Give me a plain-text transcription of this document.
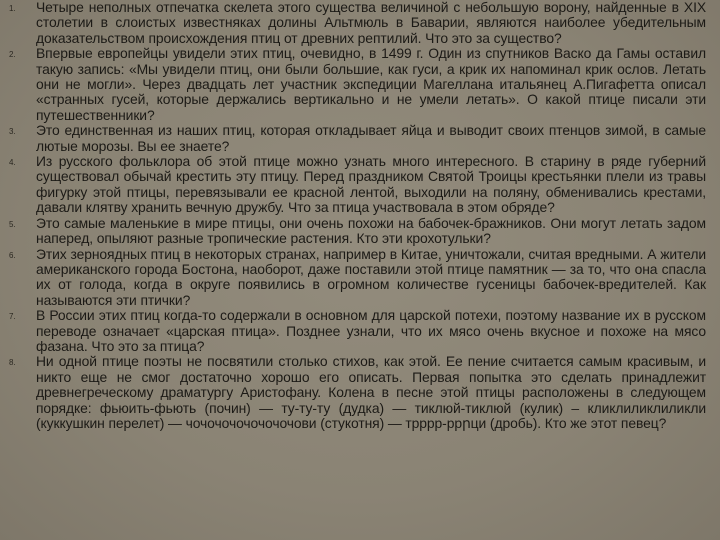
1. Четыре неполных отпечатка скелета этого существа величиной с небольшую ворону, найденные в XIX столетии в слоистых известняках долины Альтмюль в Баварии, являются наиболее убедительным доказательством происхождения птиц от древних рептилий. Что это за существо?
2. Впервые европейцы увидели этих птиц, очевидно, в 1499 г. Один из спутников Васко да Гамы оставил такую запись: «Мы увидели птиц, они были большие, как гуси, а крик их напоминал крик ослов. Летать они не могли». Через двадцать лет участник экспедиции Магеллана итальянец А.Пигафетта описал «странных гусей, которые держались вертикально и не умели летать». О какой птице писали эти путешественники?
3. Это единственная из наших птиц, которая откладывает яйца и выводит своих птенцов зимой, в самые лютые морозы. Вы ее знаете?
4. Из русского фольклора об этой птице можно узнать много интересного. В старину в ряде губерний существовал обычай крестить эту птицу. Перед праздником Святой Троицы крестьянки плели из травы фигурку этой птицы, перевязывали ее красной лентой, выходили на поляну, обменивались крестами, давали клятву хранить вечную дружбу. Что за птица участвовала в этом обряде?
5. Это самые маленькие в мире птицы, они очень похожи на бабочек-бражников. Они могут летать задом наперед, опыляют разные тропические растения. Кто эти крохотульки?
6. Этих зерноядных птиц в некоторых странах, например в Китае, уничтожали, считая вредными. А жители американского города Бостона, наоборот, даже поставили этой птице памятник — за то, что она спасла их от голода, когда в округе появились в огромном количестве гусеницы бабочек-вредителей. Как называются эти птички?
7. В России этих птиц когда-то содержали в основном для царской потехи, поэтому название их в русском переводе означает «царская птица». Позднее узнали, что их мясо очень вкусное и похоже на мясо фазана. Что это за птица?
8. Ни одной птице поэты не посвятили столько стихов, как этой. Ее пение считается самым красивым, и никто еще не смог достаточно хорошо его описать. Первая попытка это сделать принадлежит древнегреческому драматургу Аристофану. Колена в песне этой птицы расположены в следующем порядке: фьюить-фьють (почин) — ту-ту-ту (дудка) — тиклюй-тиклюй (кулик) – кликлиликлиликли (куккушкин перелет) — чочочочочочочочови (стукотня) — трррр-ррրци (дробь). Кто же этот певец?
